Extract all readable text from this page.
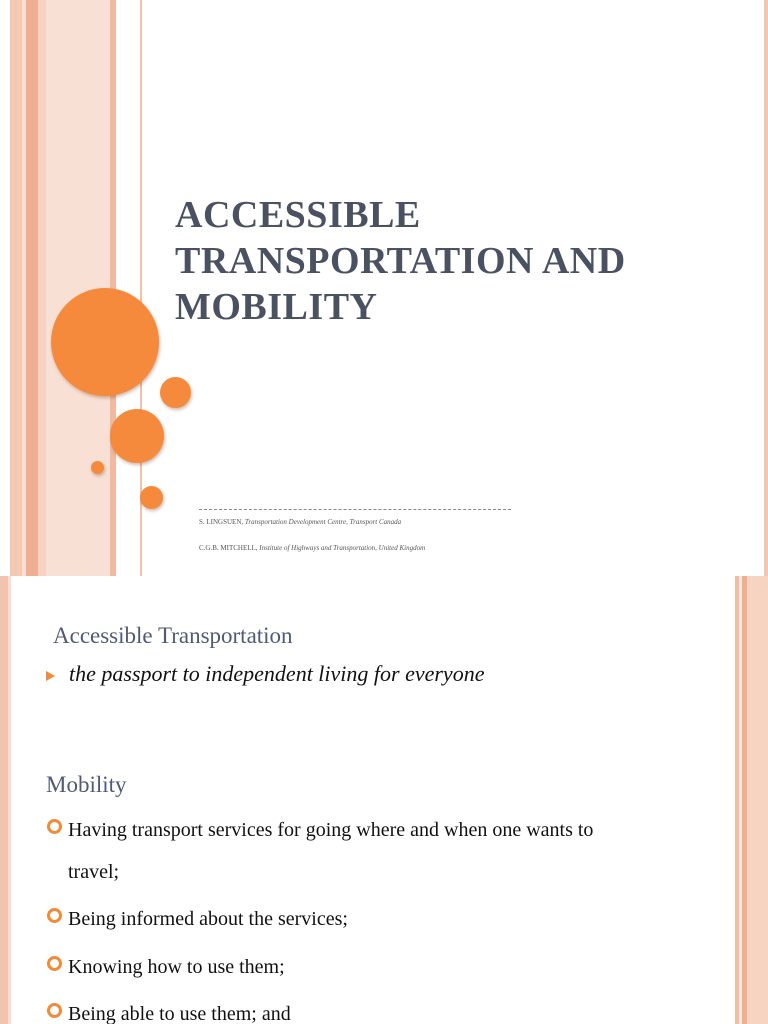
ACCESSIBLE
TRANSPORTATION AND
MOBILITY
S. LINGSUEN, Transportation Development Centre, Transport Canada
C.G.B. MITCHELL, Institute of Highways and Transportation, United Kingdom
Accessible Transportation
the passport to independent living for everyone
Mobility
Having transport services for going where and when one wants to
travel;
Being informed about the services;
Knowing how to use them;
Being able to use them; and
